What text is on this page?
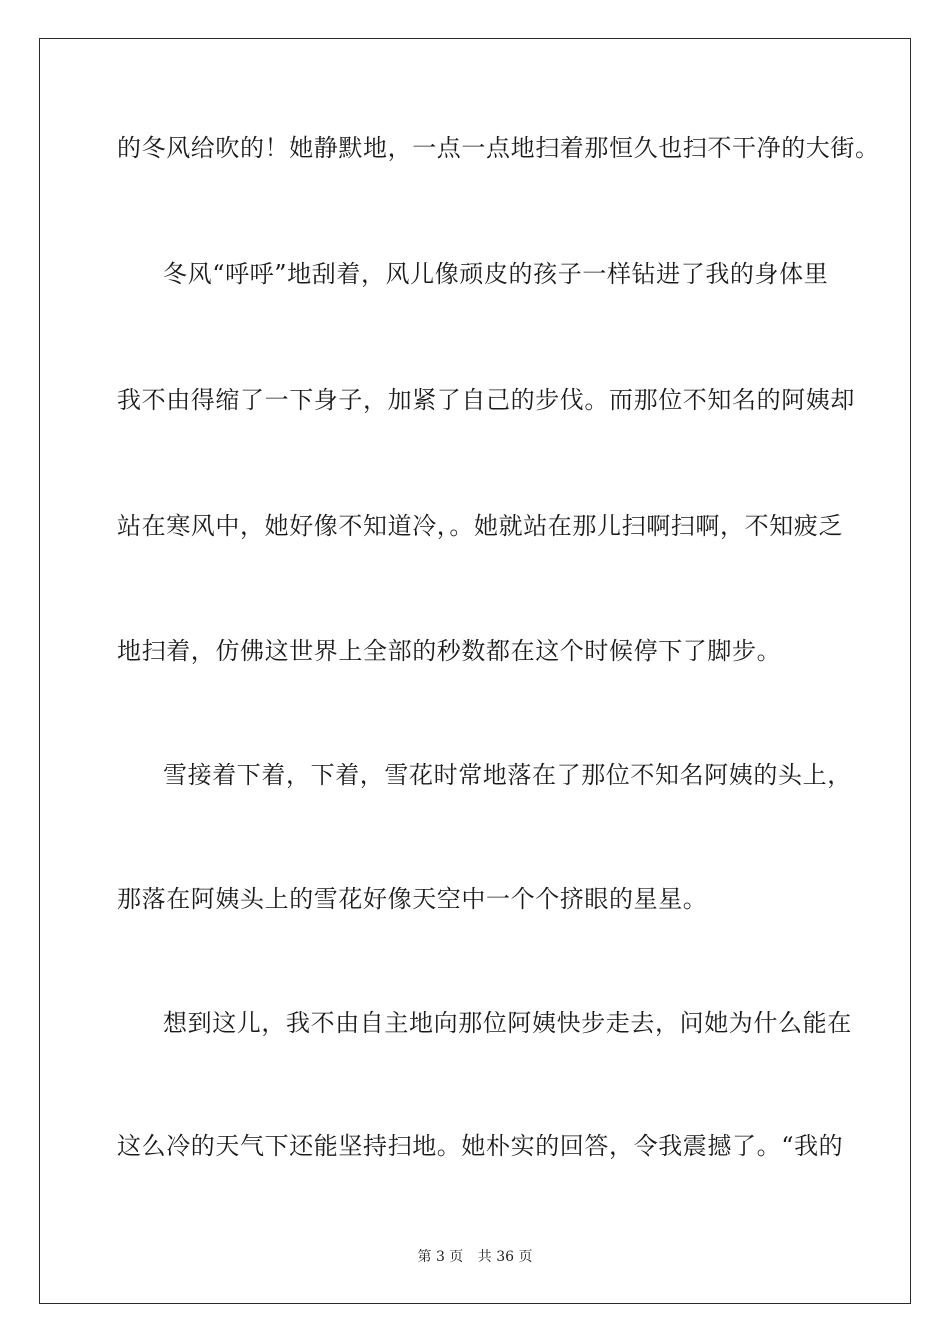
的冬风给吹的！她静默地，一点一点地扫着那恒久也扫不干净的大街。
冬风“呼呼”地刮着，风儿像顽皮的孩子一样钻进了我的身体里
我不由得缩了一下身子，加紧了自己的步伐。而那位不知名的阿姨却
站在寒风中，她好像不知道冷，。她就站在那儿扫啊扫啊，不知疲乏
地扫着，仿佛这世界上全部的秒数都在这个时候停下了脚步。
雪接着下着，下着，雪花时常地落在了那位不知名阿姨的头上，
那落在阿姨头上的雪花好像天空中一个个挤眼的星星。
想到这儿，我不由自主地向那位阿姨快步走去，问她为什么能在
这么冷的天气下还能坚持扫地。她朴实的回答，令我震撼了。“我的
第 3 页 共 36 页
